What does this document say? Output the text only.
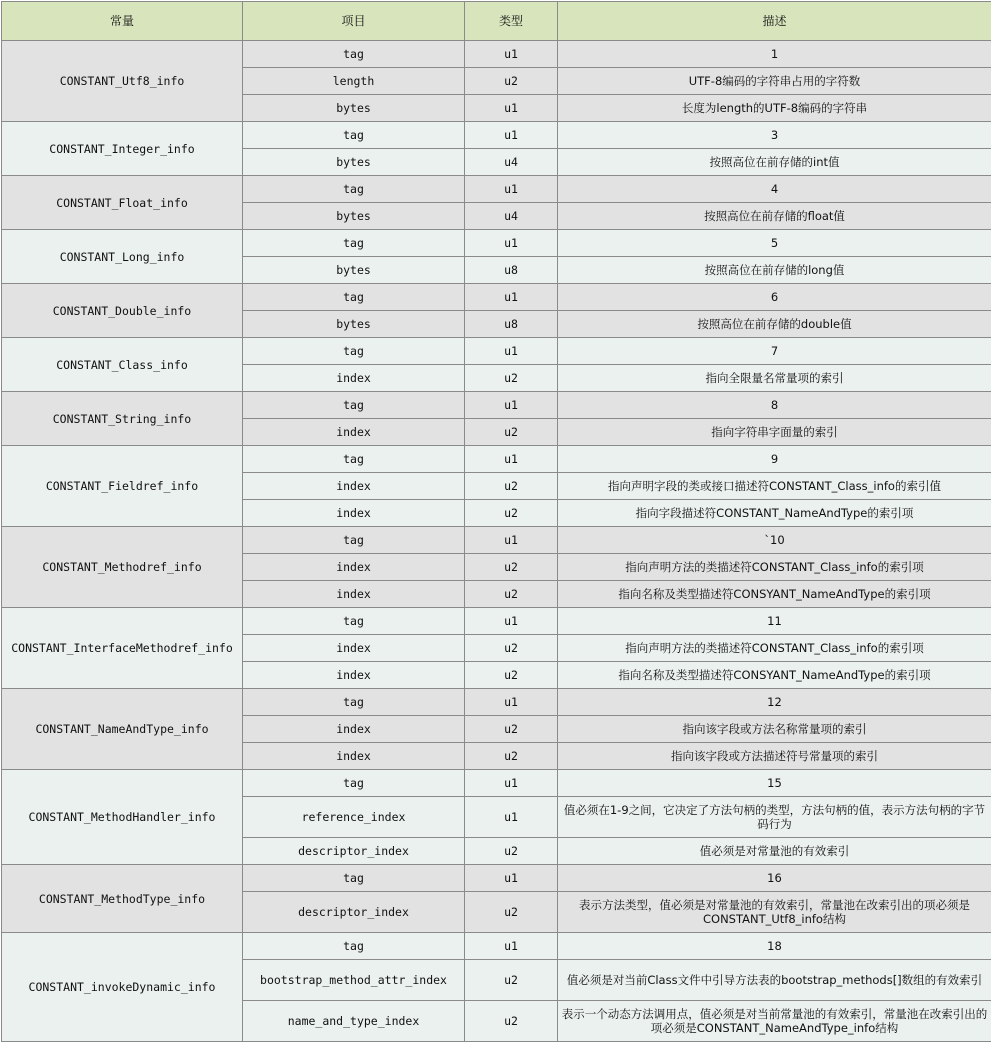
常量	项目	类型	描述
CONSTANT_Utf8_info	tag	u1	1
	length	u2	UTF-8编码的字符串占用的字符数
	bytes	u1	长度为length的UTF-8编码的字符串
CONSTANT_Integer_info	tag	u1	3
	bytes	u4	按照高位在前存储的int值
CONSTANT_Float_info	tag	u1	4
	bytes	u4	按照高位在前存储的float值
CONSTANT_Long_info	tag	u1	5
	bytes	u8	按照高位在前存储的long值
CONSTANT_Double_info	tag	u1	6
	bytes	u8	按照高位在前存储的double值
CONSTANT_Class_info	tag	u1	7
	index	u2	指向全限量名常量项的索引
CONSTANT_String_info	tag	u1	8
	index	u2	指向字符串字面量的索引
CONSTANT_Fieldref_info	tag	u1	9
	index	u2	指向声明字段的类或接口描述符CONSTANT_Class_info的索引值
	index	u2	指向字段描述符CONSTANT_NameAndType的索引项
CONSTANT_Methodref_info	tag	u1	`10
	index	u2	指向声明方法的类描述符CONSTANT_Class_info的索引项
	index	u2	指向名称及类型描述符CONSYANT_NameAndType的索引项
CONSTANT_InterfaceMethodref_info	tag	u1	11
	index	u2	指向声明方法的类描述符CONSTANT_Class_info的索引项
	index	u2	指向名称及类型描述符CONSYANT_NameAndType的索引项
CONSTANT_NameAndType_info	tag	u1	12
	index	u2	指向该字段或方法名称常量项的索引
	index	u2	指向该字段或方法描述符号常量项的索引
CONSTANT_MethodHandler_info	tag	u1	15
	reference_index	u1	值必须在1-9之间，它决定了方法句柄的类型，方法句柄的值，表示方法句柄的字节码行为
	descriptor_index	u2	值必须是对常量池的有效索引
CONSTANT_MethodType_info	tag	u1	16
	descriptor_index	u2	表示方法类型，值必须是对常量池的有效索引，常量池在改索引出的项必须是CONSTANT_Utf8_info结构
CONSTANT_invokeDynamic_info	tag	u1	18
	bootstrap_method_attr_index	u2	值必须是对当前Class文件中引导方法表的bootstrap_methods[]数组的有效索引
	name_and_type_index	u2	表示一个动态方法调用点，值必须是对当前常量池的有效索引，常量池在改索引出的项必须是CONSTANT_NameAndType_info结构
